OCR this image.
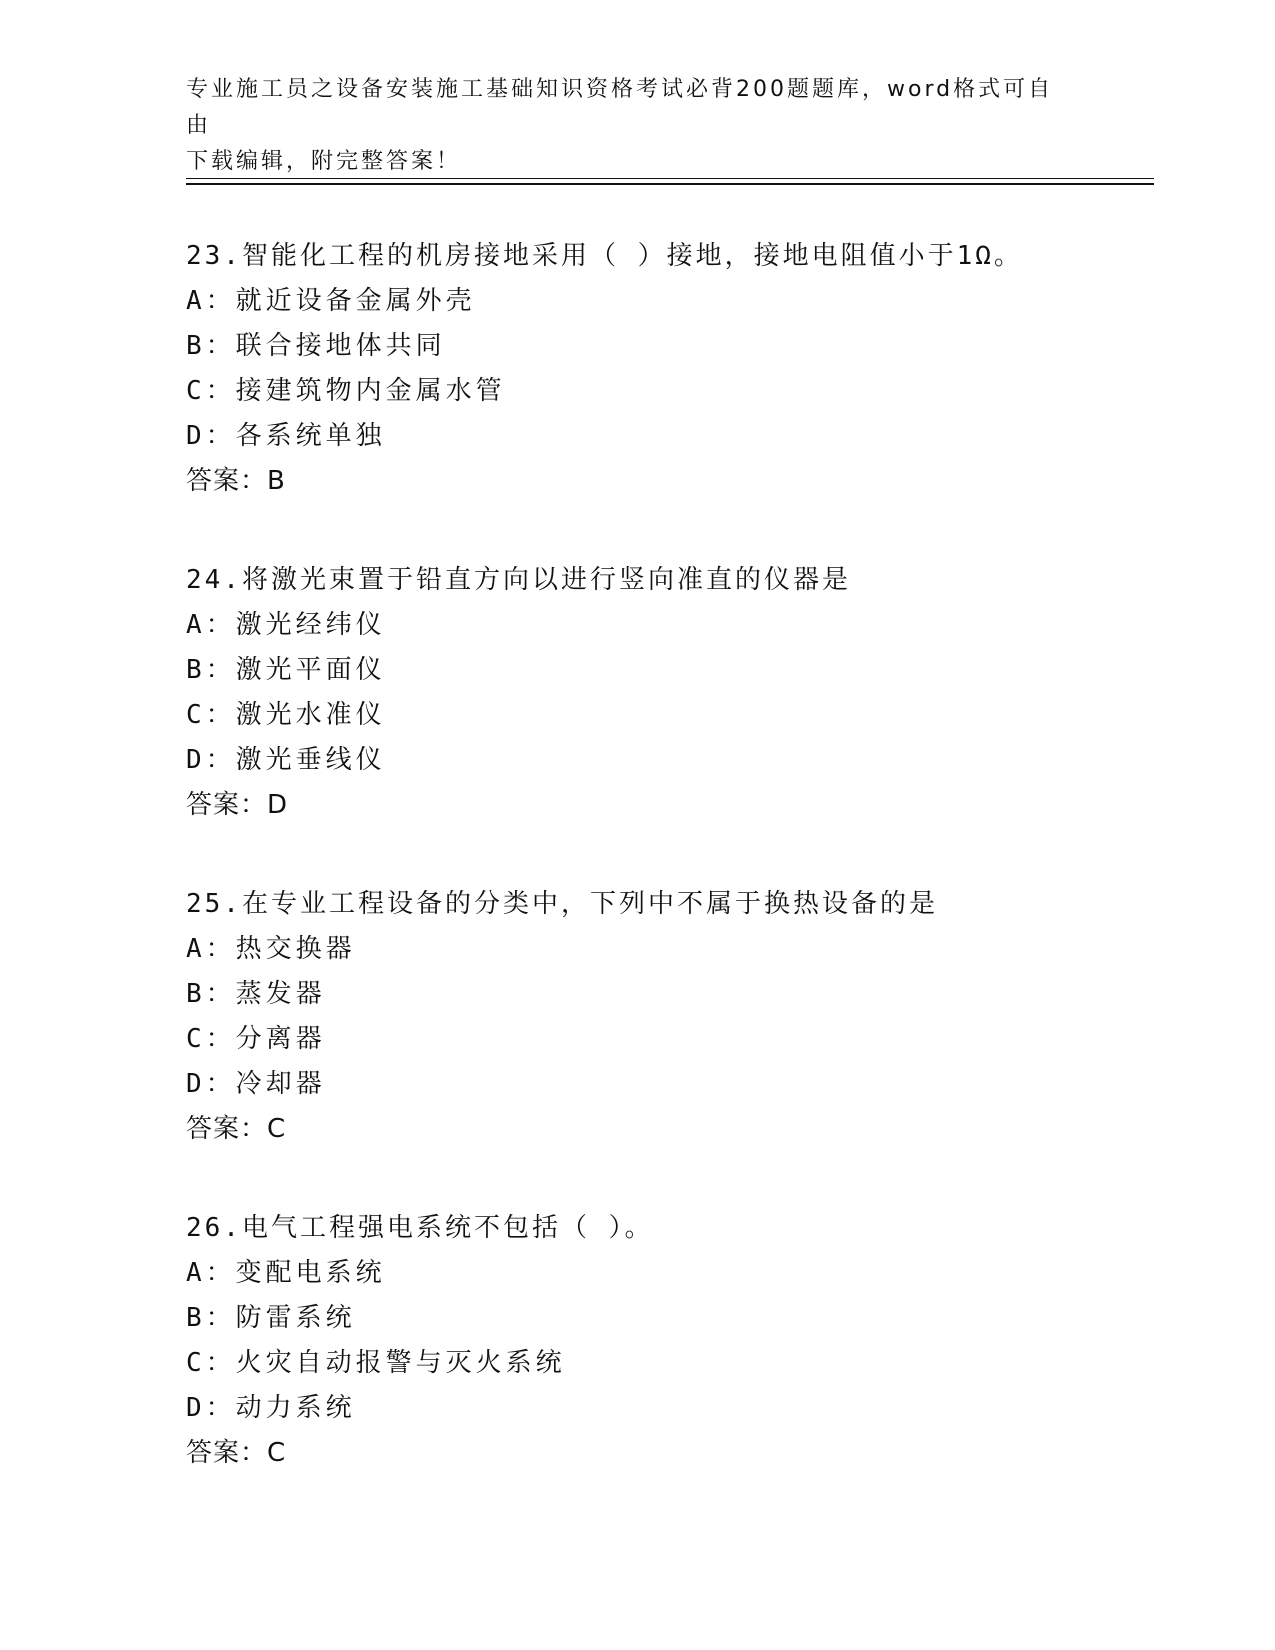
专业施工员之设备安装施工基础知识资格考试必背200题题库，word格式可自由
下载编辑，附完整答案！
23.智能化工程的机房接地采用（ ）接地，接地电阻值小于1Ω。
A：就近设备金属外壳
B：联合接地体共同
C：接建筑物内金属水管
D：各系统单独
答案：B
24.将激光束置于铅直方向以进行竖向准直的仪器是
A：激光经纬仪
B：激光平面仪
C：激光水准仪
D：激光垂线仪
答案：D
25.在专业工程设备的分类中，下列中不属于换热设备的是
A：热交换器
B：蒸发器
C：分离器
D：冷却器
答案：C
26.电气工程强电系统不包括（ ）。
A：变配电系统
B：防雷系统
C：火灾自动报警与灭火系统
D：动力系统
答案：C
